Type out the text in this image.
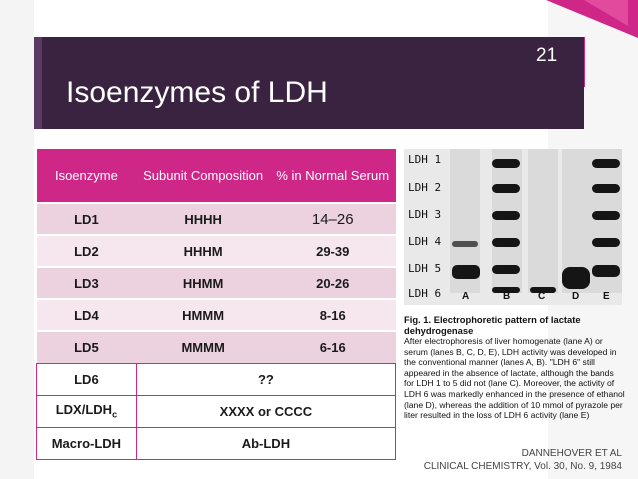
Isoenzymes of LDH
21
Isoenzyme	Subunit Composition	% in Normal Serum
LD1	HHHH	14–26
LD2	HHHM	29-39
LD3	HHMM	20-26
LD4	HMMM	8-16
LD5	MMMM	6-16
LD6	??	
LDX/$LDH_c$	XXXX or CCCC	
Macro-LDH	Ab-LDH	
LDH 1
LDH 2
LDH 3
LDH 4
LDH 5
LDH 6 A	B	C	D E
Fig. 1. Electrophoretic pattern of lactate dehydrogenase
After electrophoresis of liver homogenate (lane A) or serum (lanes B, C, D, E), LDH activity was developed in the conventional manner (lanes A, B). "LDH 6" still appeared in the absence of lactate, although the bands for LDH 1 to 5 did not (lane C). Moreover, the activity of LDH 6 was markedly enhanced in the presence of ethanol (lane D), whereas the addition of 10 mmol of pyrazole per liter resulted in the loss of LDH 6 activity (lane E)
DANNEHOVER ET AL
CLINICAL CHEMISTRY, Vol. 30, No. 9, 1984
